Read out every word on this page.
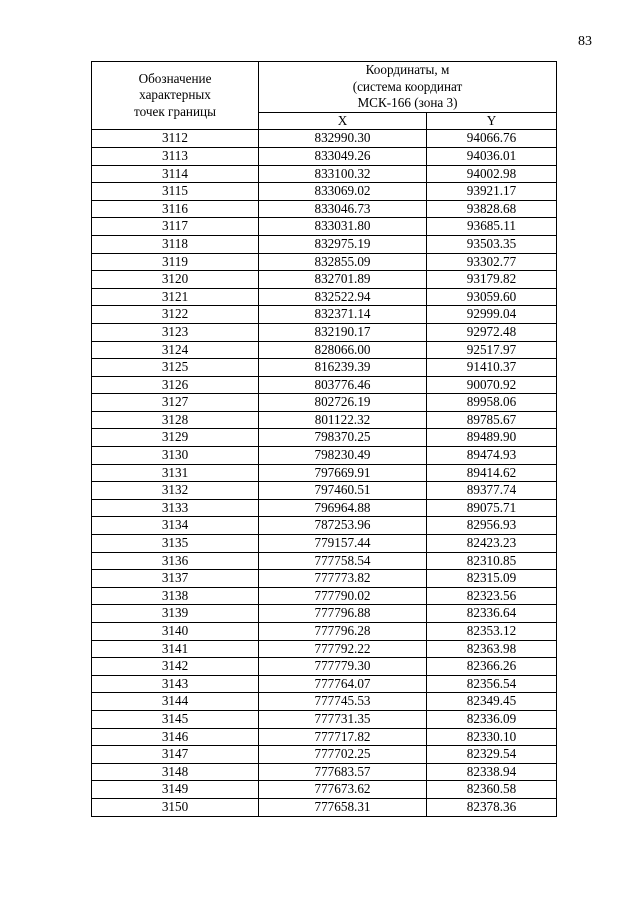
83
Обозначение
характерных
точек границы	Координаты, м
(система координат
МСК-166 (зона 3)	

	X	Y
3112	832990.30	94066.76
3113	833049.26	94036.01
3114	833100.32	94002.98
3115	833069.02	93921.17
3116	833046.73	93828.68
3117	833031.80	93685.11
3118	832975.19	93503.35
3119	832855.09	93302.77
3120	832701.89	93179.82
3121	832522.94	93059.60
3122	832371.14	92999.04
3123	832190.17	92972.48
3124	828066.00	92517.97
3125	816239.39	91410.37
3126	803776.46	90070.92
3127	802726.19	89958.06
3128	801122.32	89785.67
3129	798370.25	89489.90
3130	798230.49	89474.93
3131	797669.91	89414.62
3132	797460.51	89377.74
3133	796964.88	89075.71
3134	787253.96	82956.93
3135	779157.44	82423.23
3136	777758.54	82310.85
3137	777773.82	82315.09
3138	777790.02	82323.56
3139	777796.88	82336.64
3140	777796.28	82353.12
3141	777792.22	82363.98
3142	777779.30	82366.26
3143	777764.07	82356.54
3144	777745.53	82349.45
3145	777731.35	82336.09
3146	777717.82	82330.10
3147	777702.25	82329.54
3148	777683.57	82338.94
3149	777673.62	82360.58
3150	777658.31	82378.36
